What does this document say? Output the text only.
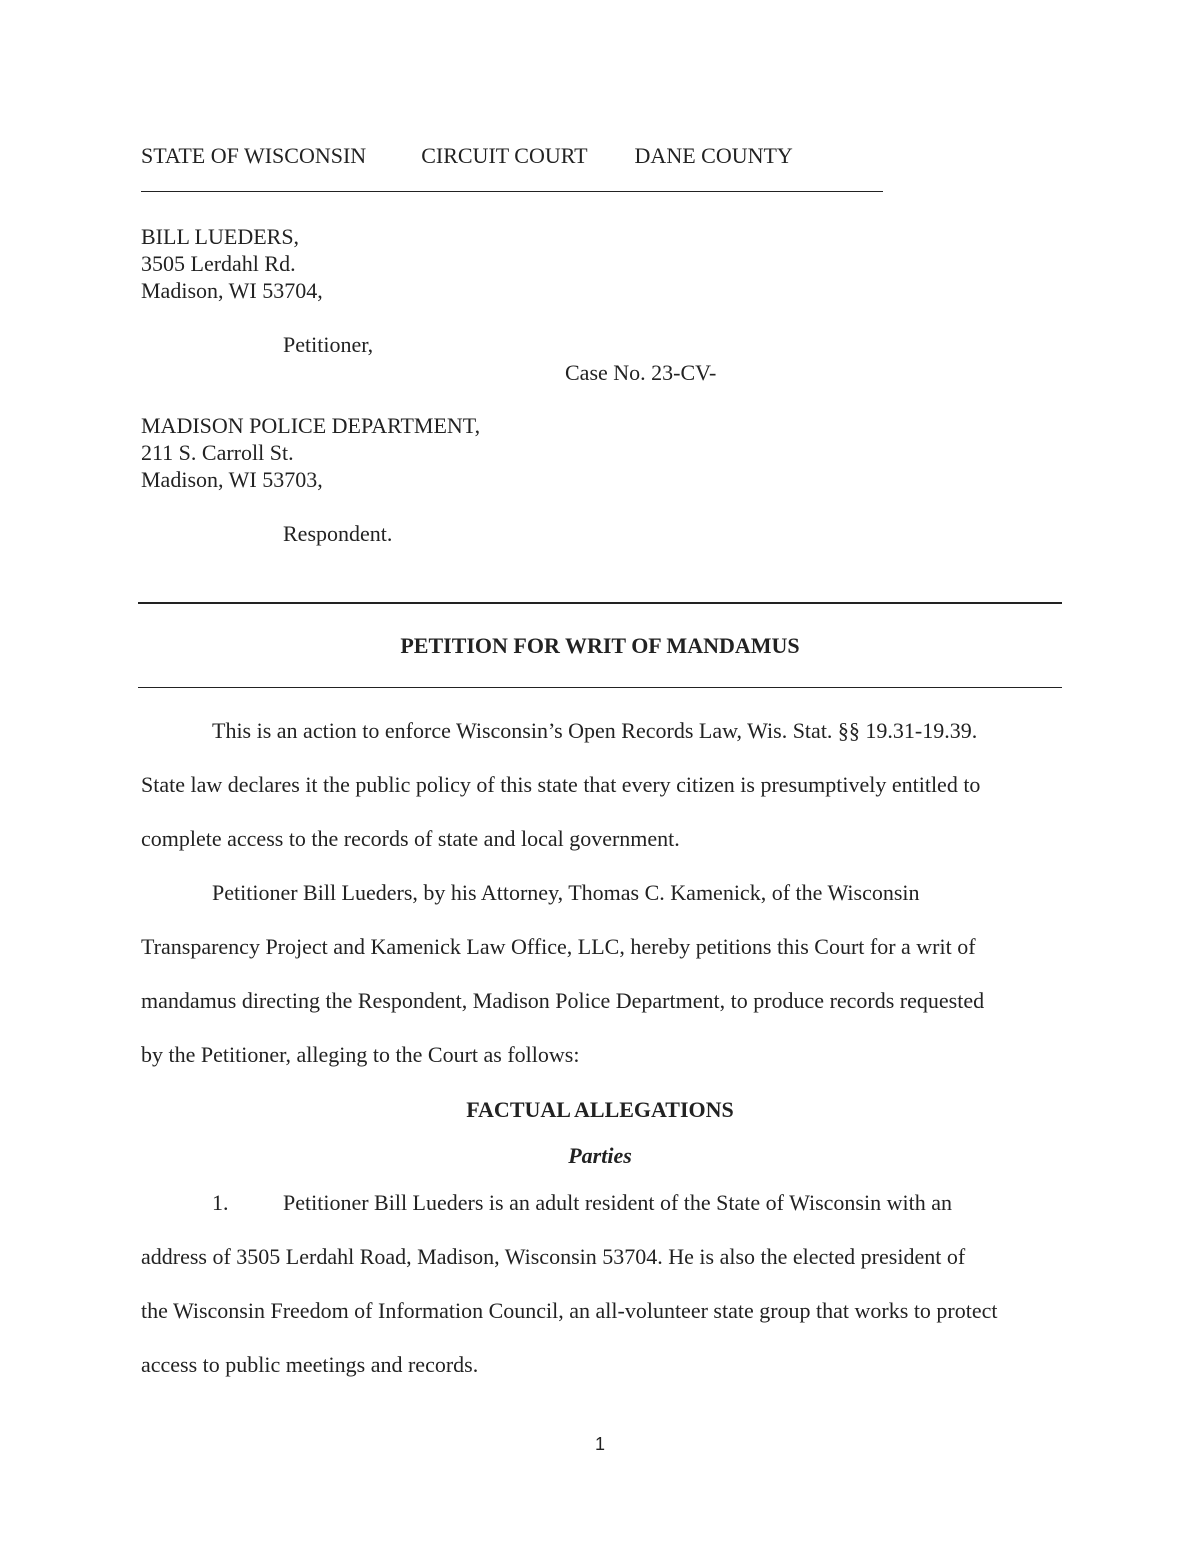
STATE OF WISCONSIN	CIRCUIT COURT DANE COUNTY
BILL LUEDERS,
3505 Lerdahl Rd.
Madison, WI 53704,
Petitioner,
Case No. 23-CV-
MADISON POLICE DEPARTMENT,
211 S. Carroll St.
Madison, WI 53703,
Respondent.
PETITION FOR WRIT OF MANDAMUS
This is an action to enforce Wisconsin’s Open Records Law, Wis. Stat. §§ 19.31-19.39.
State law declares it the public policy of this state that every citizen is presumptively entitled to
complete access to the records of state and local government.
Petitioner Bill Lueders, by his Attorney, Thomas C. Kamenick, of the Wisconsin
Transparency Project and Kamenick Law Office, LLC, hereby petitions this Court for a writ of
mandamus directing the Respondent, Madison Police Department, to produce records requested
by the Petitioner, alleging to the Court as follows:
FACTUAL ALLEGATIONS
Parties
1. Petitioner Bill Lueders is an adult resident of the State of Wisconsin with an
address of 3505 Lerdahl Road, Madison, Wisconsin 53704. He is also the elected president of
the Wisconsin Freedom of Information Council, an all-volunteer state group that works to protect
access to public meetings and records.
1
